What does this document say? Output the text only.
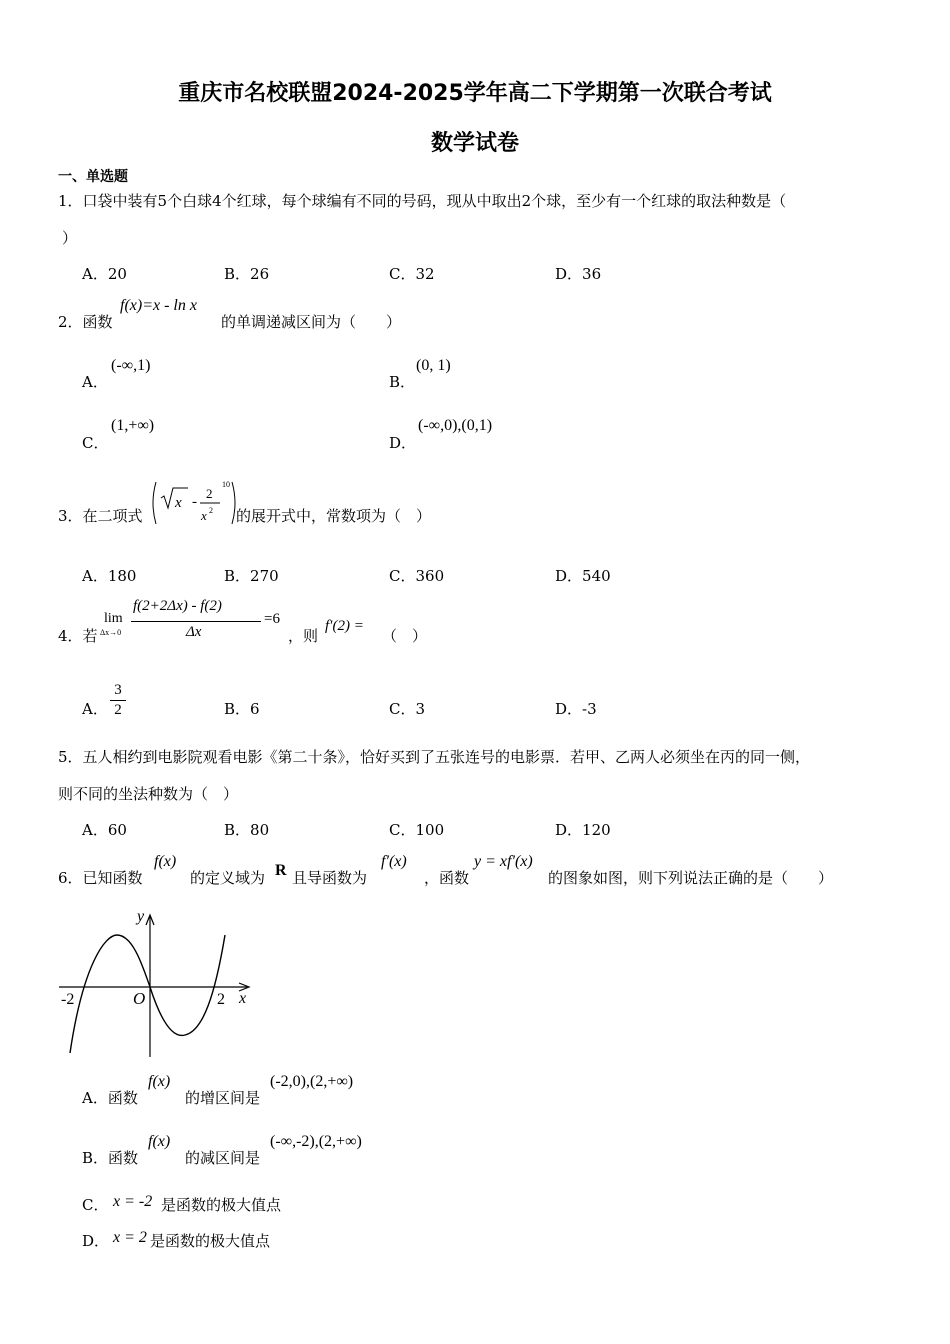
重庆市名校联盟2024-2025学年高二下学期第一次联合考试
数学试卷
一、单选题
1．口袋中装有5个白球4个红球，每个球编有不同的号码，现从中取出2个球，至少有一个红球的取法种数是（
）
A．20	B．26	C．32	D．36
2．函数
f(x)=x - ln x
的单调递减区间为（　　）
A．
(-∞,1)
B．
(0, 1)
C．
(1,+∞)
D．
(-∞,0),(0,1)
3．在二项式
x -
2
x 2
10
的展开式中，常数项为（　）
A．180	B．270	C．360	D．540
4．若
lim
Δx→0
f(2+2Δx) - f(2)
Δx
=6
，则
f′(2) =
（　）
A．
3
2	B．6	C．3	D．-3
5．五人相约到电影院观看电影《第二十条》，恰好买到了五张连号的电影票．若甲、乙两人必须坐在丙的同一侧，
则不同的坐法种数为（　）
A．60	B．80	C．100	D．120
6．已知函数
f(x)
的定义域为 R 且导函数为
f′(x)
，函数
y = xf′(x)
的图象如图，则下列说法正确的是（　　）
y
x
O
-2	2
A．函数
f(x)
的增区间是
(-2,0),(2,+∞)
B．函数
f(x)
的减区间是
(-∞,-2),(2,+∞)
C． x = -2 是函数的极大值点
D． x = 2 是函数的极大值点
